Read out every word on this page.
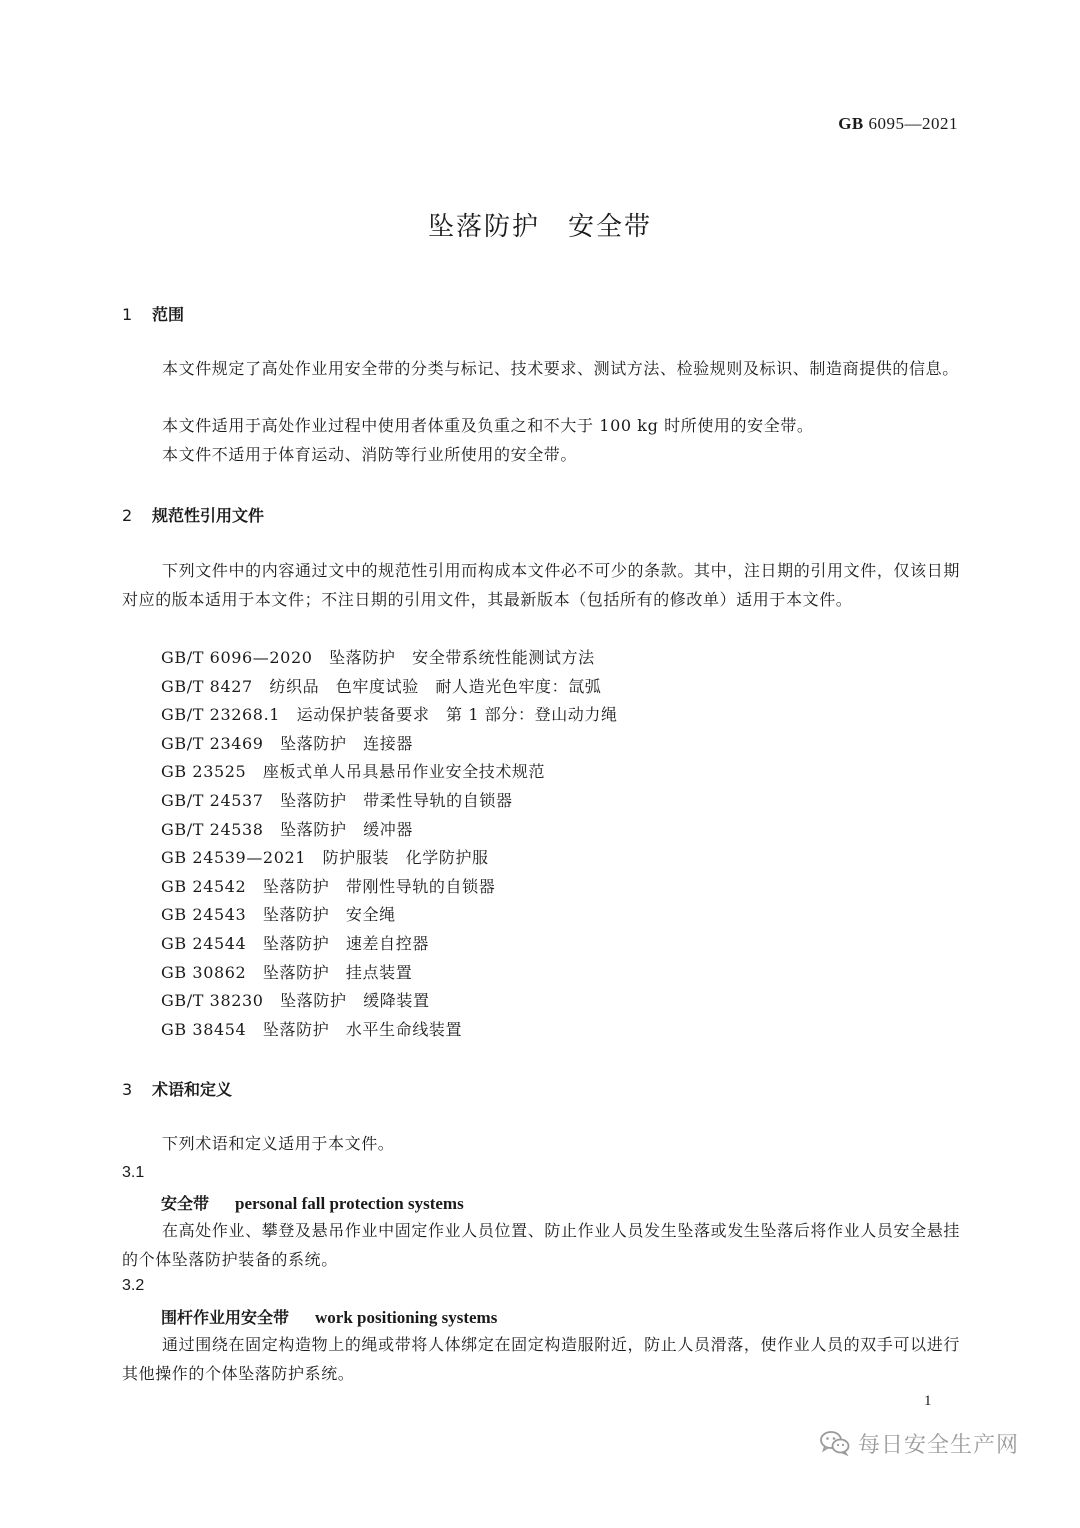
GB 6095—2021
坠落防护　安全带
1 范围
本文件规定了高处作业用安全带的分类与标记、技术要求、测试方法、检验规则及标识、制造商提供的信息。
本文件适用于高处作业过程中使用者体重及负重之和不大于 100 kg 时所使用的安全带。
本文件不适用于体育运动、消防等行业所使用的安全带。
2 规范性引用文件
下列文件中的内容通过文中的规范性引用而构成本文件必不可少的条款。其中，注日期的引用文件，仅该日期对应的版本适用于本文件；不注日期的引用文件，其最新版本（包括所有的修改单）适用于本文件。
GB/T 6096—2020　坠落防护　安全带系统性能测试方法
GB/T 8427　纺织品　色牢度试验　耐人造光色牢度：氙弧
GB/T 23268.1　运动保护装备要求　第 1 部分：登山动力绳
GB/T 23469　坠落防护　连接器
GB 23525　座板式单人吊具悬吊作业安全技术规范
GB/T 24537　坠落防护　带柔性导轨的自锁器
GB/T 24538　坠落防护　缓冲器
GB 24539—2021　防护服装　化学防护服
GB 24542　坠落防护　带刚性导轨的自锁器
GB 24543　坠落防护　安全绳
GB 24544　坠落防护　速差自控器
GB 30862　坠落防护　挂点装置
GB/T 38230　坠落防护　缓降装置
GB 38454　坠落防护　水平生命线装置
3 术语和定义
下列术语和定义适用于本文件。
3.1
安全带 personal fall protection systems
在高处作业、攀登及悬吊作业中固定作业人员位置、防止作业人员发生坠落或发生坠落后将作业人员安全悬挂的个体坠落防护装备的系统。
3.2
围杆作业用安全带 work positioning systems
通过围绕在固定构造物上的绳或带将人体绑定在固定构造服附近，防止人员滑落，使作业人员的双手可以进行其他操作的个体坠落防护系统。
1
每日安全生产网
